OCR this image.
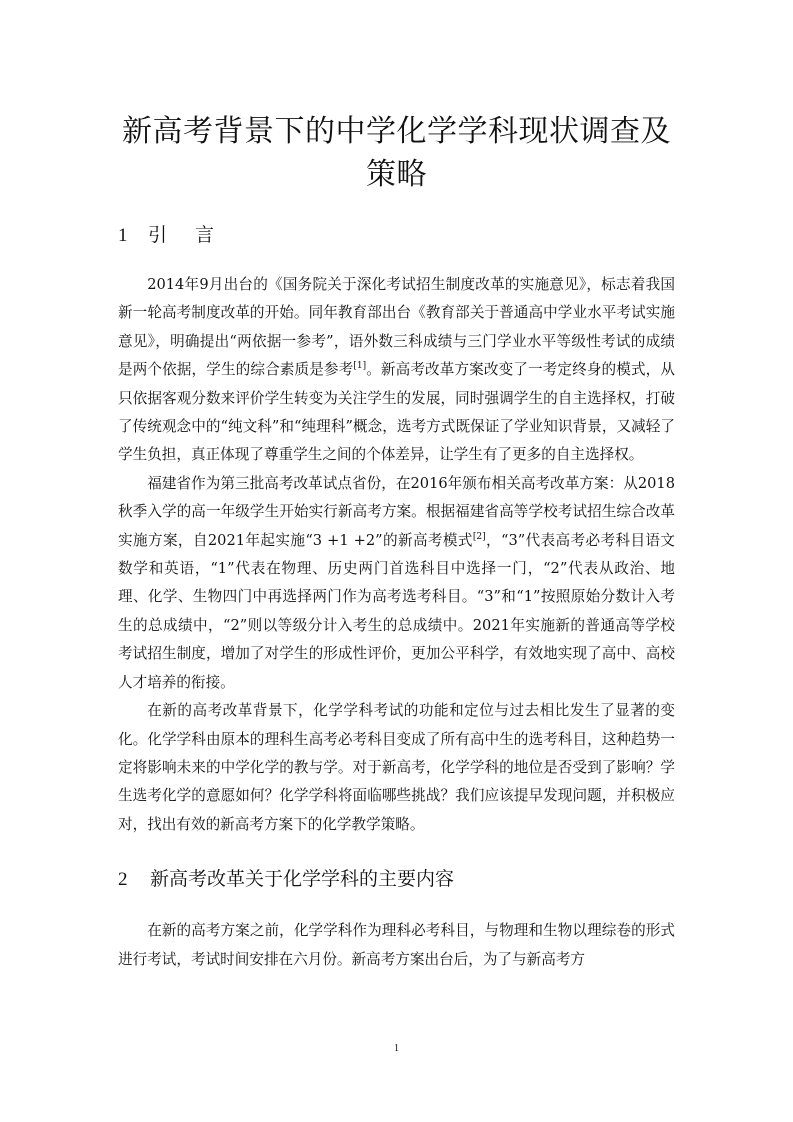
新高考背景下的中学化学学科现状调查及策略
1	引言

2014年9月出台的《国务院关于深化考试招生制度改革的实施意见》，标志着我国新一轮高考制度改革的开始。同年教育部出台《教育部关于普通高中学业水平考试实施意见》，明确提出“两依据一参考”，语外数三科成绩与三门学业水平等级性考试的成绩是两个依据，学生的综合素质是参考[1]。新高考改革方案改变了一考定终身的模式，从只依据客观分数来评价学生转变为关注学生的发展，同时强调学生的自主选择权，打破了传统观念中的“纯文科”和“纯理科”概念，选考方式既保证了学业知识背景，又减轻了学生负担，真正体现了尊重学生之间的个体差异，让学生有了更多的自主选择权。

福建省作为第三批高考改革试点省份，在2016年颁布相关高考改革方案：从2018秋季入学的高一年级学生开始实行新高考方案。根据福建省高等学校考试招生综合改革实施方案，自2021年起实施“3 +1 +2”的新高考模式[2]，“3”代表高考必考科目语文数学和英语，“1”代表在物理、历史两门首选科目中选择一门，“2”代表从政治、地理、化学、生物四门中再选择两门作为高考选考科目。“3”和“1”按照原始分数计入考生的总成绩中，“2”则以等级分计入考生的总成绩中。2021年实施新的普通高等学校考试招生制度，增加了对学生的形成性评价，更加公平科学，有效地实现了高中、高校人才培养的衔接。

在新的高考改革背景下，化学学科考试的功能和定位与过去相比发生了显著的变化。化学学科由原本的理科生高考必考科目变成了所有高中生的选考科目，这种趋势一定将影响未来的中学化学的教与学。对于新高考，化学学科的地位是否受到了影响？学生选考化学的意愿如何？化学学科将面临哪些挑战？我们应该提早发现问题，并积极应对，找出有效的新高考方案下的化学教学策略。

2	新高考改革关于化学学科的主要内容

在新的高考方案之前，化学学科作为理科必考科目，与物理和生物以理综卷的形式进行考试，考试时间安排在六月份。新高考方案出台后，为了与新高考方

1
